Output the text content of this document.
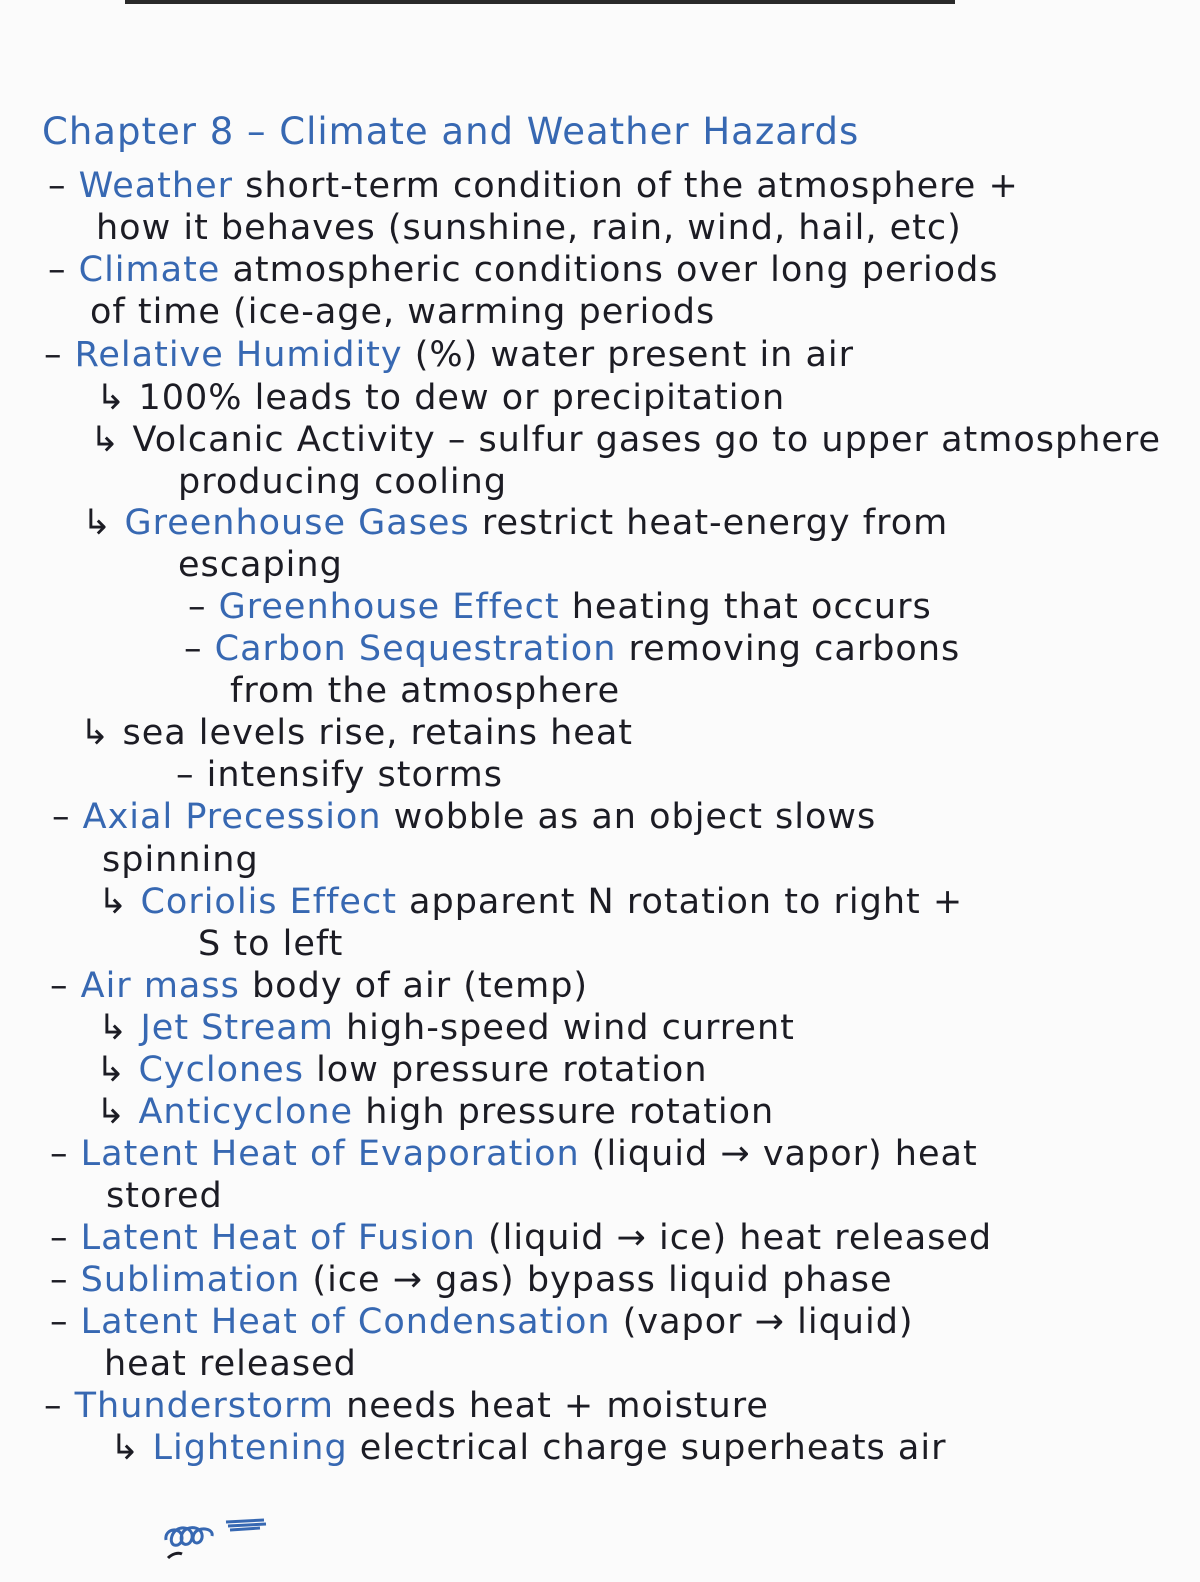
Chapter 8 – Climate and Weather Hazards
– Weather short-term condition of the atmosphere +
how it behaves (sunshine, rain, wind, hail, etc)
– Climate atmospheric conditions over long periods
of time (ice-age, warming periods
– Relative Humidity (%) water present in air
↳ 100% leads to dew or precipitation
↳ Volcanic Activity – sulfur gases go to upper atmosphere
producing cooling
↳ Greenhouse Gases restrict heat-energy from
escaping
– Greenhouse Effect heating that occurs
– Carbon Sequestration removing carbons
from the atmosphere
↳ sea levels rise, retains heat
– intensify storms
– Axial Precession wobble as an object slows
spinning
↳ Coriolis Effect apparent N rotation to right +
S to left
– Air mass body of air (temp)
↳ Jet Stream high-speed wind current
↳ Cyclones low pressure rotation
↳ Anticyclone high pressure rotation
– Latent Heat of Evaporation (liquid → vapor) heat
stored
– Latent Heat of Fusion (liquid → ice) heat released
– Sublimation (ice → gas) bypass liquid phase
– Latent Heat of Condensation (vapor → liquid)
heat released
– Thunderstorm needs heat + moisture
↳ Lightening electrical charge superheats air
